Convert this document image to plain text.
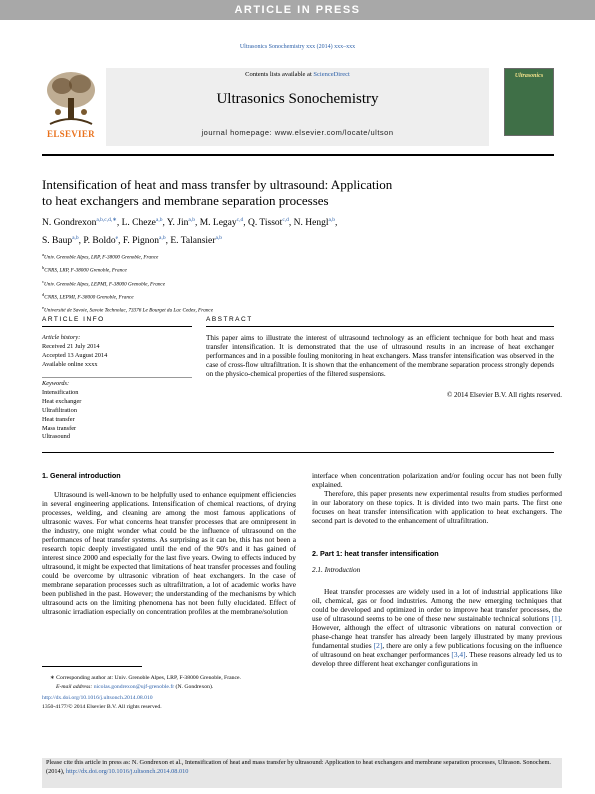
ARTICLE IN PRESS
Ultrasonics Sonochemistry xxx (2014) xxx–xxx
ELSEVIER
Contents lists available at ScienceDirect
Ultrasonics Sonochemistry
journal homepage: www.elsevier.com/locate/ultson
Ultrasonics
Intensification of heat and mass transfer by ultrasound: Application
to heat exchangers and membrane separation processes
N. Gondrexon$^{a,b,c,d,∗}$, L. Cheze$^{a,b}$, Y. Jin$^{a,b}$, M. Legay$^{c,d}$, Q. Tissot$^{c,d}$, N. Hengl$^{a,b}$,
S. Baup$^{a,b}$, P. Boldo$^e$, F. Pignon$^{a,b}$, E. Talansier$^{a,b}$
$^a$Univ. Grenoble Alpes, LRP, F-38000 Grenoble, France
$^b$CNRS, LRP, F-38000 Grenoble, France
$^c$Univ. Grenoble Alpes, LEPMI, F-38000 Grenoble, France
$^d$CNRS, LEPMI, F-38000 Grenoble, France
$^e$Université de Savoie, Savoie Technolac, 73376 Le Bourget du Lac Cedex, France
ARTICLE INFO	ABSTRACT
Article history:
Received 21 July 2014
Accepted 13 August 2014
Available online xxxx
Keywords:
Intensification
Heat exchanger
Ultrafiltration
Heat transfer
Mass transfer
Ultrasound
This paper aims to illustrate the interest of ultrasound technology as an efficient technique for both heat and mass transfer intensification. It is demonstrated that the use of ultrasound results in an increase of heat exchanger performances and in a possible fouling monitoring in heat exchangers. Mass transfer intensification was observed in the case of cross-flow ultrafiltration. It is shown that the enhancement of the membrane separation process strongly depends on the physico-chemical properties of the filtered suspensions.
© 2014 Elsevier B.V. All rights reserved.
1. General introduction

Ultrasound is well-known to be helpfully used to enhance equipment efficiencies in several engineering applications. Intensification of chemical reactions, of drying processes, welding, and cleaning are among the most famous applications of ultrasonic waves. For what concerns heat transfer processes that are omnipresent in the industry, one might wonder what could be the influence of ultrasound on the performances of heat transfer systems. As surprising as it can be, this has not been a research topic deeply investigated until the end of the 90's and it has gained of interest since 2000 and especially for the last five years. Owing to effects induced by ultrasound, it might be expected that limitations of heat transfer processes and fouling could be overcome by ultrasonic vibration of heat exchangers. In the case of membrane separation processes such as ultrafiltration, a lot of academic works have been published in the past. However; the understanding of the mechanisms by which ultrasound acts on the limiting phenomena has not been fully elucidated. Effect of ultrasonic irradiation especially on concentration profiles at the membrane/solution

interface when concentration polarization and/or fouling occur has not been fully explained.

Therefore, this paper presents new experimental results from studies performed in our laboratory on these topics. It is divided into two main parts. The first one focuses on heat transfer intensification with application to heat exchangers. The second part is devoted to the enhancement of ultrafiltration.

2. Part 1: heat transfer intensification
2.1. Introduction

Heat transfer processes are widely used in a lot of industrial applications like oil, chemical, gas or food industries. Among the new emerging techniques that could be developed and optimized in order to improve heat transfer processes, the use of ultrasound seems to be one of these new sustainable technical solutions [1]. However, although the effect of ultrasonic vibrations on natural convection or phase-change heat transfer has already been largely illustrated by many previous fundamental studies [2], there are only a few publications focusing on the influence of ultrasound on heat exchanger performances [3,4]. These reasons already led us to develop three different heat exchanger configurations in

∗ Corresponding author at: Univ. Grenoble Alpes, LRP, F-38000 Grenoble, France.
E-mail address: nicolas.gondrexon@ujf-grenoble.fr (N. Gondrexon).
http://dx.doi.org/10.1016/j.ultsonch.2014.08.010
1350-4177/© 2014 Elsevier B.V. All rights reserved.
Please cite this article in press as: N. Gondrexon et al., Intensification of heat and mass transfer by ultrasound: Application to heat exchangers and membrane separation processes, Ultrason. Sonochem. (2014), http://dx.doi.org/10.1016/j.ultsonch.2014.08.010
